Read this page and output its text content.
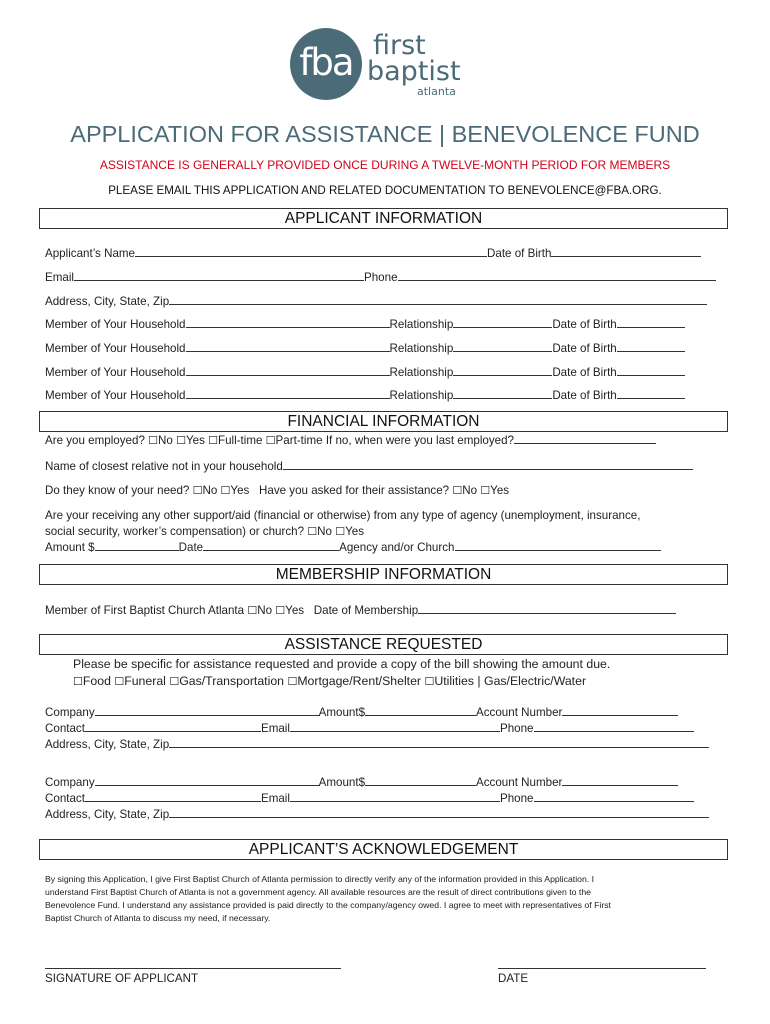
fba first
baptist
atlanta
APPLICATION FOR ASSISTANCE | BENEVOLENCE FUND
ASSISTANCE IS GENERALLY PROVIDED ONCE DURING A TWELVE-MONTH PERIOD FOR MEMBERS
PLEASE EMAIL THIS APPLICATION AND RELATED DOCUMENTATION TO BENEVOLENCE@FBA.ORG.
APPLICANT INFORMATION
Applicant’s Name	Date of Birth
Email	Phone
Address, City, State, Zip
Member of Your Household	Relationship	Date of Birth
Member of Your Household	Relationship	Date of Birth
Member of Your Household	Relationship	Date of Birth
Member of Your Household	Relationship	Date of Birth
FINANCIAL INFORMATION
Are you employed? ☐No ☐Yes ☐Full-time ☐Part-time If no, when were you last employed?
Name of closest relative not in your household
Do they know of your need? ☐No ☐Yes Have you asked for their assistance? ☐No ☐Yes
Are your receiving any other support/aid (financial or otherwise) from any type of agency (unemployment, insurance,
social security, worker’s compensation) or church? ☐No ☐Yes
Amount $	Date	Agency and/or Church
MEMBERSHIP INFORMATION
Member of First Baptist Church Atlanta ☐No ☐Yes Date of Membership
ASSISTANCE REQUESTED
Please be specific for assistance requested and provide a copy of the bill showing the amount due.
☐Food ☐Funeral ☐Gas/Transportation ☐Mortgage/Rent/Shelter ☐Utilities | Gas/Electric/Water
Company	Amount$	Account Number
Contact	Email	Phone
Address, City, State, Zip
Company	Amount$	Account Number
Contact	Email	Phone
Address, City, State, Zip
APPLICANT’S ACKNOWLEDGEMENT
By signing this Application, I give First Baptist Church of Atlanta permission to directly verify any of the information provided in this Application. I
understand First Baptist Church of Atlanta is not a government agency. All available resources are the result of direct contributions given to the
Benevolence Fund. I understand any assistance provided is paid directly to the company/agency owed. I agree to meet with representatives of First
Baptist Church of Atlanta to discuss my need, if necessary.
SIGNATURE OF APPLICANT	DATE
